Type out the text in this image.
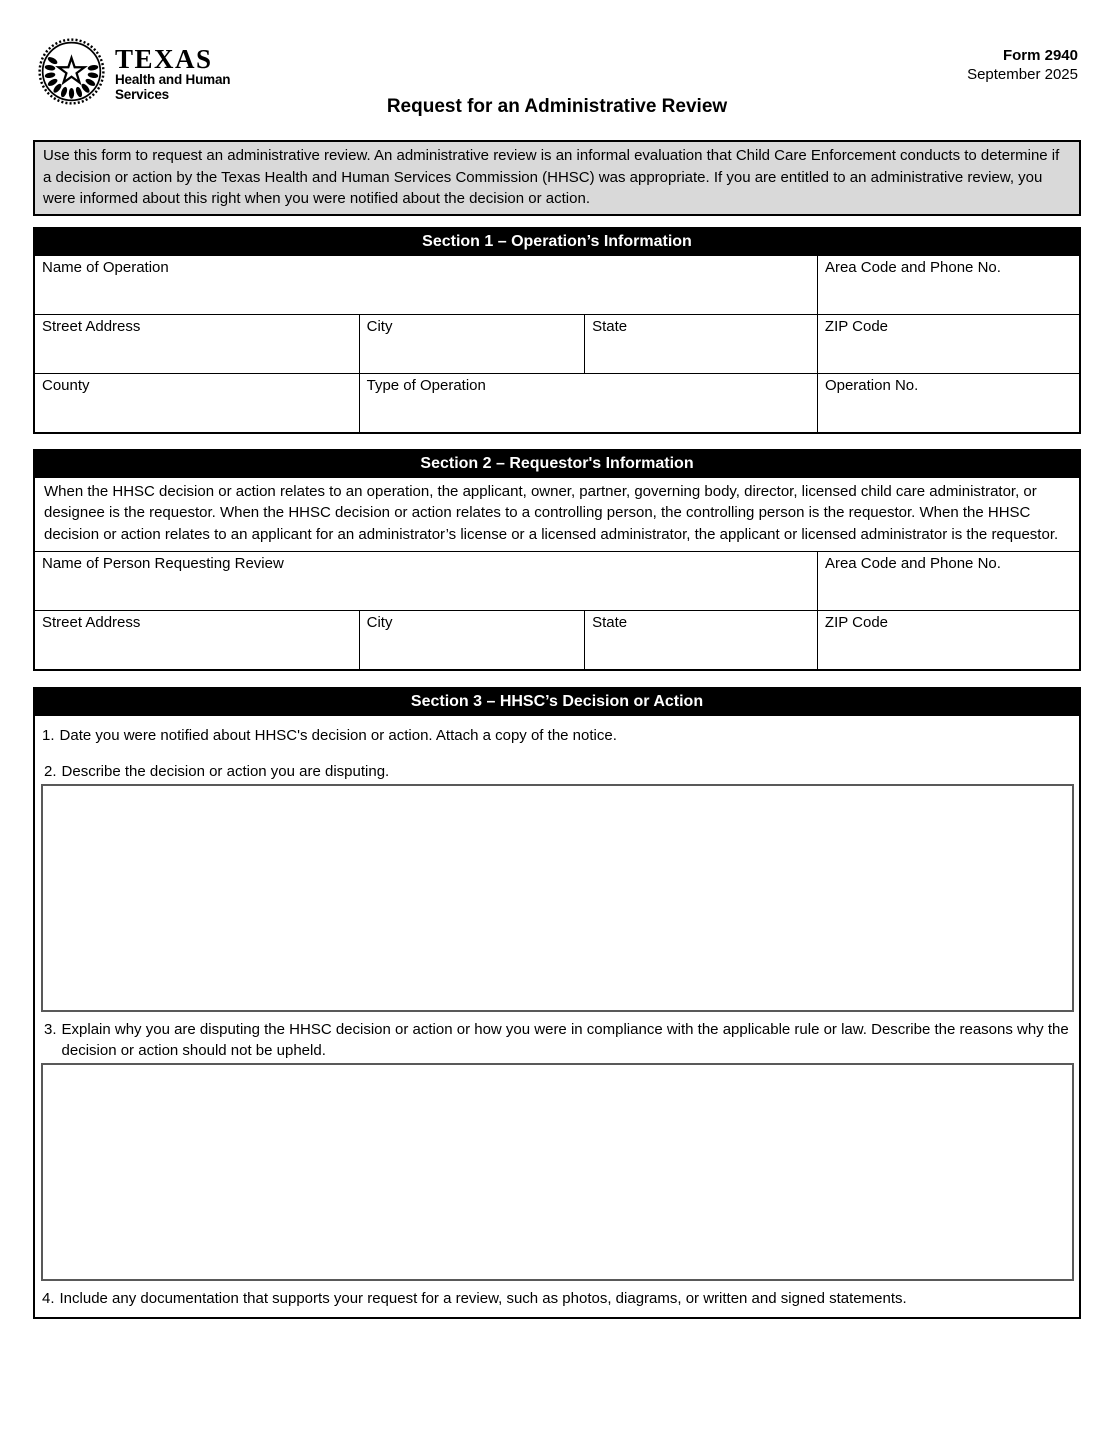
TEXAS
Health and Human
Services
Form 2940
September 2025
Request for an Administrative Review
Use this form to request an administrative review. An administrative review is an informal evaluation that Child Care Enforcement conducts to determine if a decision or action by the Texas Health and Human Services Commission (HHSC) was appropriate. If you are entitled to an administrative review, you were informed about this right when you were notified about the decision or action.
Section 1 – Operation’s Information
Name of Operation	Area Code and Phone No.
Street Address	City	State	ZIP Code
County	Type of Operation	Operation No.
Section 2 – Requestor's Information
When the HHSC decision or action relates to an operation, the applicant, owner, partner, governing body, director, licensed child care administrator, or designee is the requestor. When the HHSC decision or action relates to a controlling person, the controlling person is the requestor. When the HHSC decision or action relates to an applicant for an administrator’s license or a licensed administrator, the applicant or licensed administrator is the requestor.
Name of Person Requesting Review	Area Code and Phone No.
Street Address	City	State	ZIP Code
Section 3 – HHSC’s Decision or Action
1. Date you were notified about HHSC's decision or action. Attach a copy of the notice.
2. Describe the decision or action you are disputing.
3. Explain why you are disputing the HHSC decision or action or how you were in compliance with the applicable rule or law. Describe the reasons why the decision or action should not be upheld.
4. Include any documentation that supports your request for a review, such as photos, diagrams, or written and signed statements.
